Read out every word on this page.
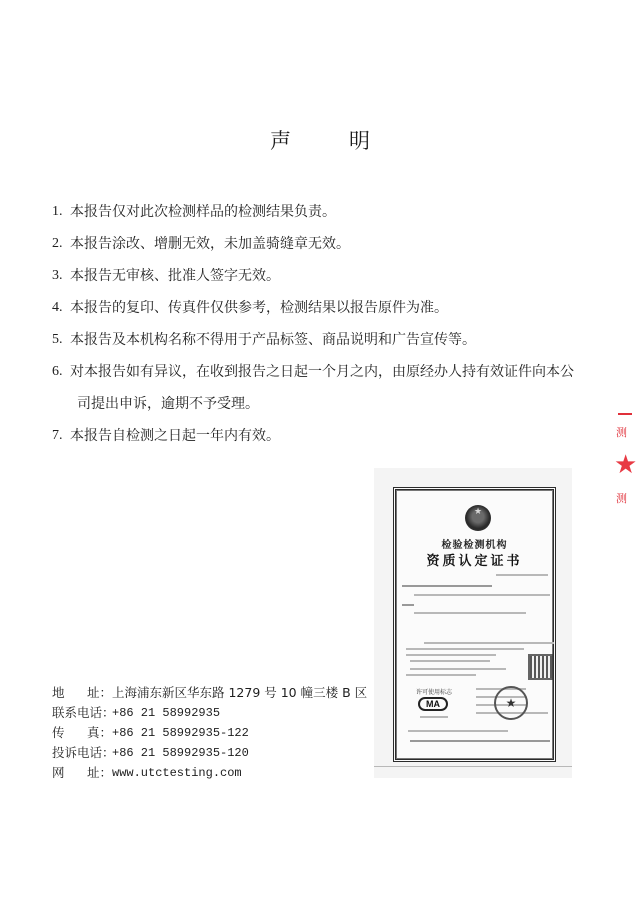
声明
1. 本报告仅对此次检测样品的检测结果负责。
2. 本报告涂改、增删无效，未加盖骑缝章无效。
3. 本报告无审核、批准人签字无效。
4. 本报告的复印、传真件仅供参考，检测结果以报告原件为准。
5. 本报告及本机构名称不得用于产品标签、商品说明和广告宣传等。
6. 对本报告如有异议，在收到报告之日起一个月之内，由原经办人持有效证件向本公
司提出申诉，逾期不予受理。
7. 本报告自检测之日起一年内有效。
★
检验检测机构
资质认定证书
许可使用标志
MA	★
测
★
测
地 址： 上海浦东新区华东路 1279 号 10 幢三楼 B 区
联系电话：
+86 21 58992935
传 真： +86 21 58992935-122
投诉电话：
+86 21 58992935-120
网 址： www.utctesting.com
